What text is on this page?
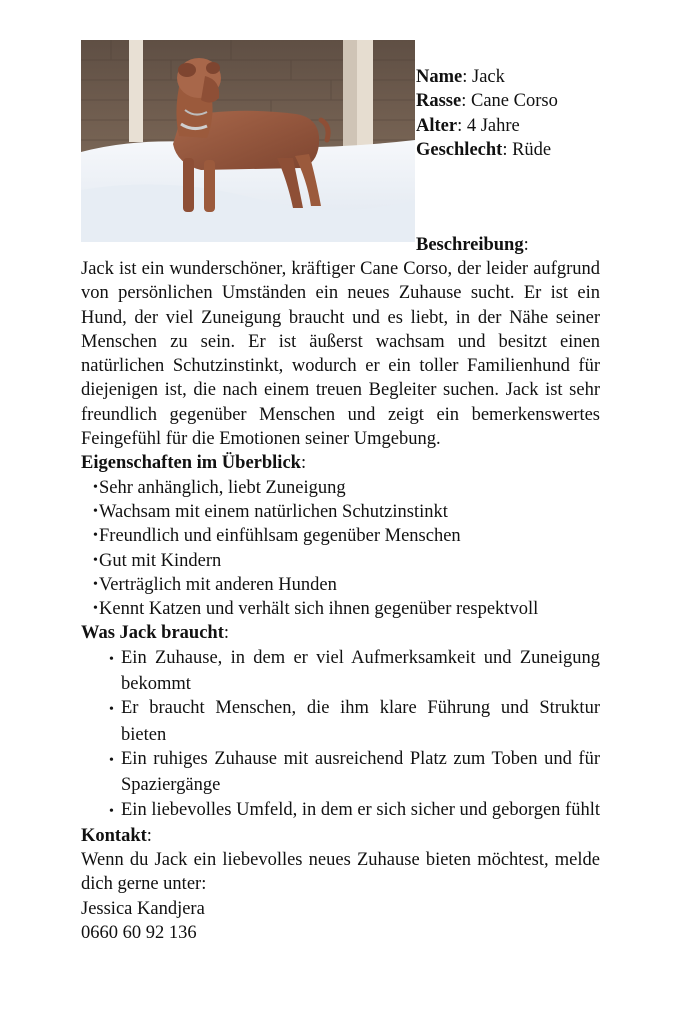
Name: Jack
Rasse: Cane Corso
Alter: 4 Jahre
Geschlecht: Rüde
Beschreibung:
Jack ist ein wunderschöner, kräftiger Cane Corso, der leider aufgrund von persönlichen Umständen ein neues Zuhause sucht. Er ist ein Hund, der viel Zuneigung braucht und es liebt, in der Nähe seiner Menschen zu sein. Er ist äußerst wachsam und besitzt einen natürlichen Schutzinstinkt, wodurch er ein toller Familienhund für diejenigen ist, die nach einem treuen Begleiter suchen. Jack ist sehr freundlich gegenüber Menschen und zeigt ein bemerkenswertes Feingefühl für die Emotionen seiner Umgebung.
Eigenschaften im Überblick:
• Sehr anhänglich, liebt Zuneigung
• Wachsam mit einem natürlichen Schutzinstinkt
• Freundlich und einfühlsam gegenüber Menschen
• Gut mit Kindern
• Verträglich mit anderen Hunden
• Kennt Katzen und verhält sich ihnen gegenüber respektvoll
Was Jack braucht:
• Ein Zuhause, in dem er viel Aufmerksamkeit und Zuneigung bekommt
• Er braucht Menschen, die ihm klare Führung und Struktur bieten
• Ein ruhiges Zuhause mit ausreichend Platz zum Toben und für Spaziergänge
• Ein liebevolles Umfeld, in dem er sich sicher und geborgen fühlt
Kontakt:
Wenn du Jack ein liebevolles neues Zuhause bieten möchtest, melde dich gerne unter:
Jessica Kandjera
0660 60 92 136
